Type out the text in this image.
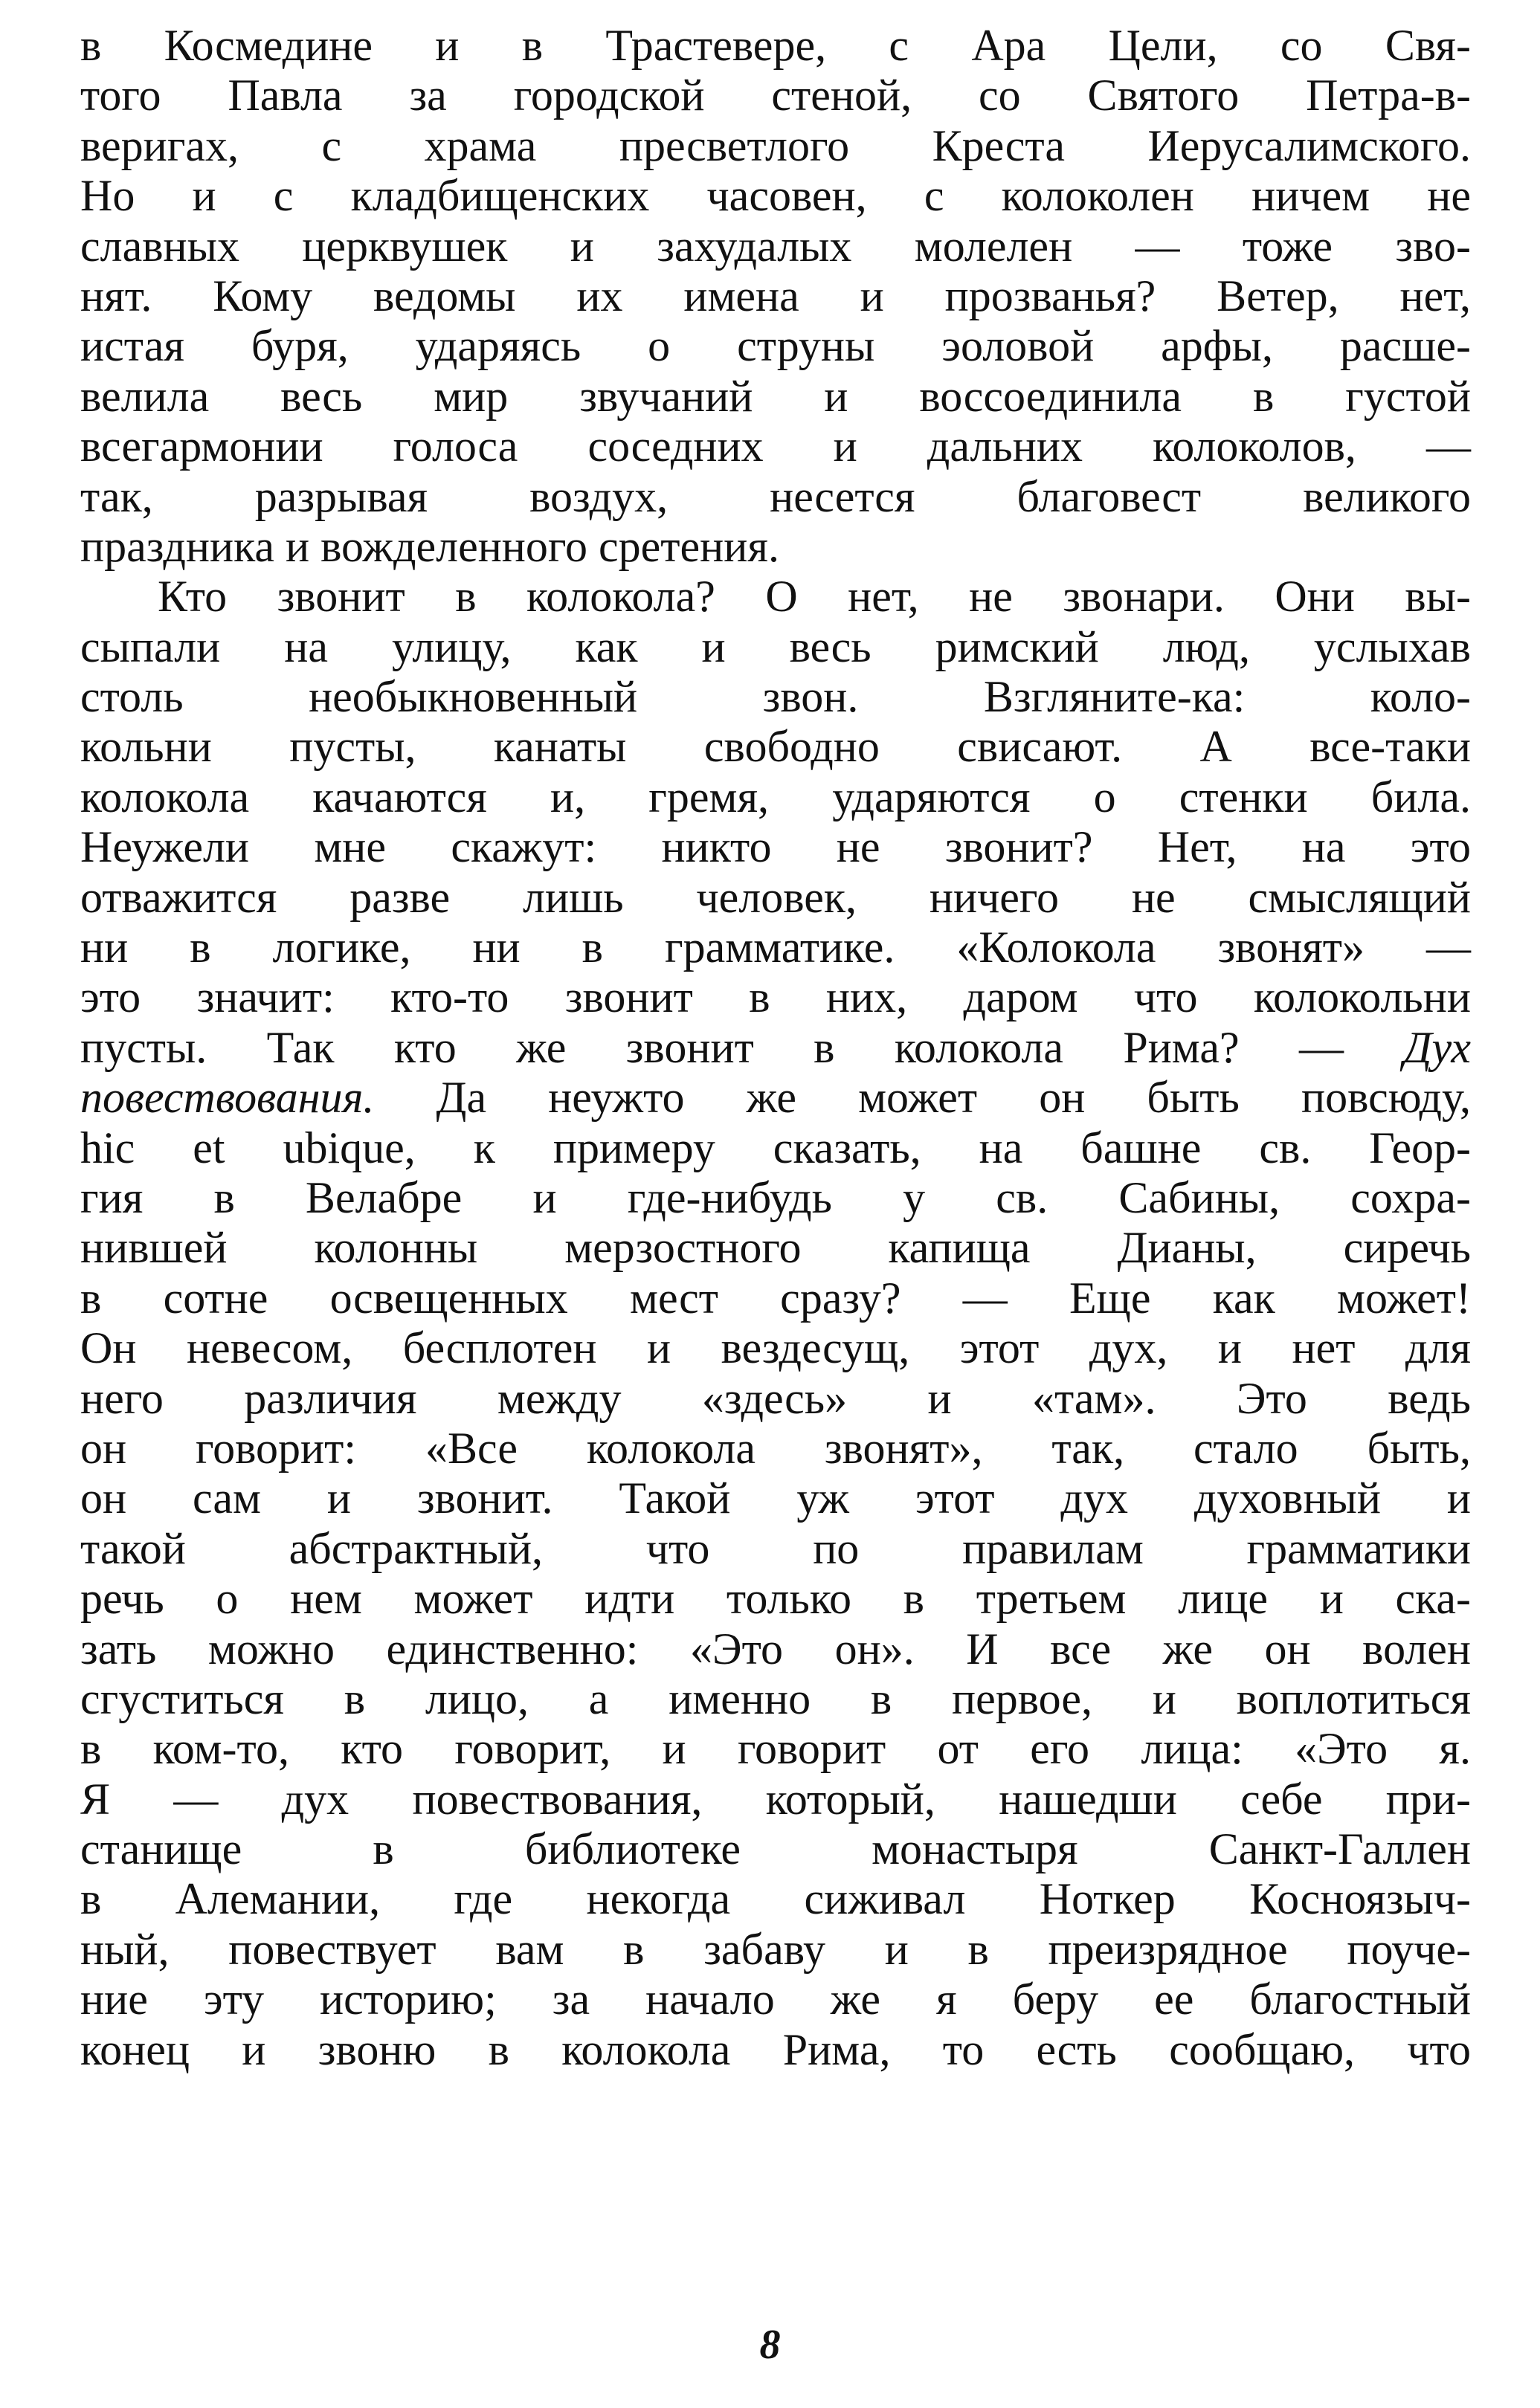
в Космедине и в Трастевере, с Ара Цели, со Свя-
того Павла за городской стеной, со Святого Петра-в-
веригах, с храма пресветлого Креста Иерусалимского.
Но и с кладбищенских часовен, с колоколен ничем не
славных церквушек и захудалых молелен — тоже зво-
нят. Кому ведомы их имена и прозванья? Ветер, нет,
истая буря, ударяясь о струны эоловой арфы, расше-
велила весь мир звучаний и воссоединила в густой
всегармонии голоса соседних и дальних колоколов, —
так, разрывая воздух, несется благовест великого
праздника и вожделенного сретения.
Кто звонит в колокола? О нет, не звонари. Они вы-
сыпали на улицу, как и весь римский люд, услыхав
столь необыкновенный звон. Взгляните-ка: коло-
кольни пусты, канаты свободно свисают. А все-таки
колокола качаются и, гремя, ударяются о стенки била.
Неужели мне скажут: никто не звонит? Нет, на это
отважится разве лишь человек, ничего не смыслящий
ни в логике, ни в грамматике. «Колокола звонят» —
это значит: кто-то звонит в них, даром что колокольни
пусты. Так кто же звонит в колокола Рима? — Дух
повествования. Да неужто же может он быть повсюду,
hic et ubique, к примеру сказать, на башне св. Геор-
гия в Велабре и где-нибудь у св. Сабины, сохра-
нившей колонны мерзостного капища Дианы, сиречь
в сотне освещенных мест сразу? — Еще как может!
Он невесом, бесплотен и вездесущ, этот дух, и нет для
него различия между «здесь» и «там». Это ведь
он говорит: «Все колокола звонят», так, стало быть,
он сам и звонит. Такой уж этот дух духовный и
такой абстрактный, что по правилам грамматики
речь о нем может идти только в третьем лице и ска-
зать можно единственно: «Это он». И все же он волен
сгуститься в лицо, а именно в первое, и воплотиться
в ком-то, кто говорит, и говорит от его лица: «Это я.
Я — дух повествования, который, нашедши себе при-
станище в библиотеке монастыря Санкт-Галлен
в Алемании, где некогда сиживал Ноткер Косноязыч-
ный, повествует вам в забаву и в преизрядное поуче-
ние эту историю; за начало же я беру ее благостный
конец и звоню в колокола Рима, то есть сообщаю, что
8
